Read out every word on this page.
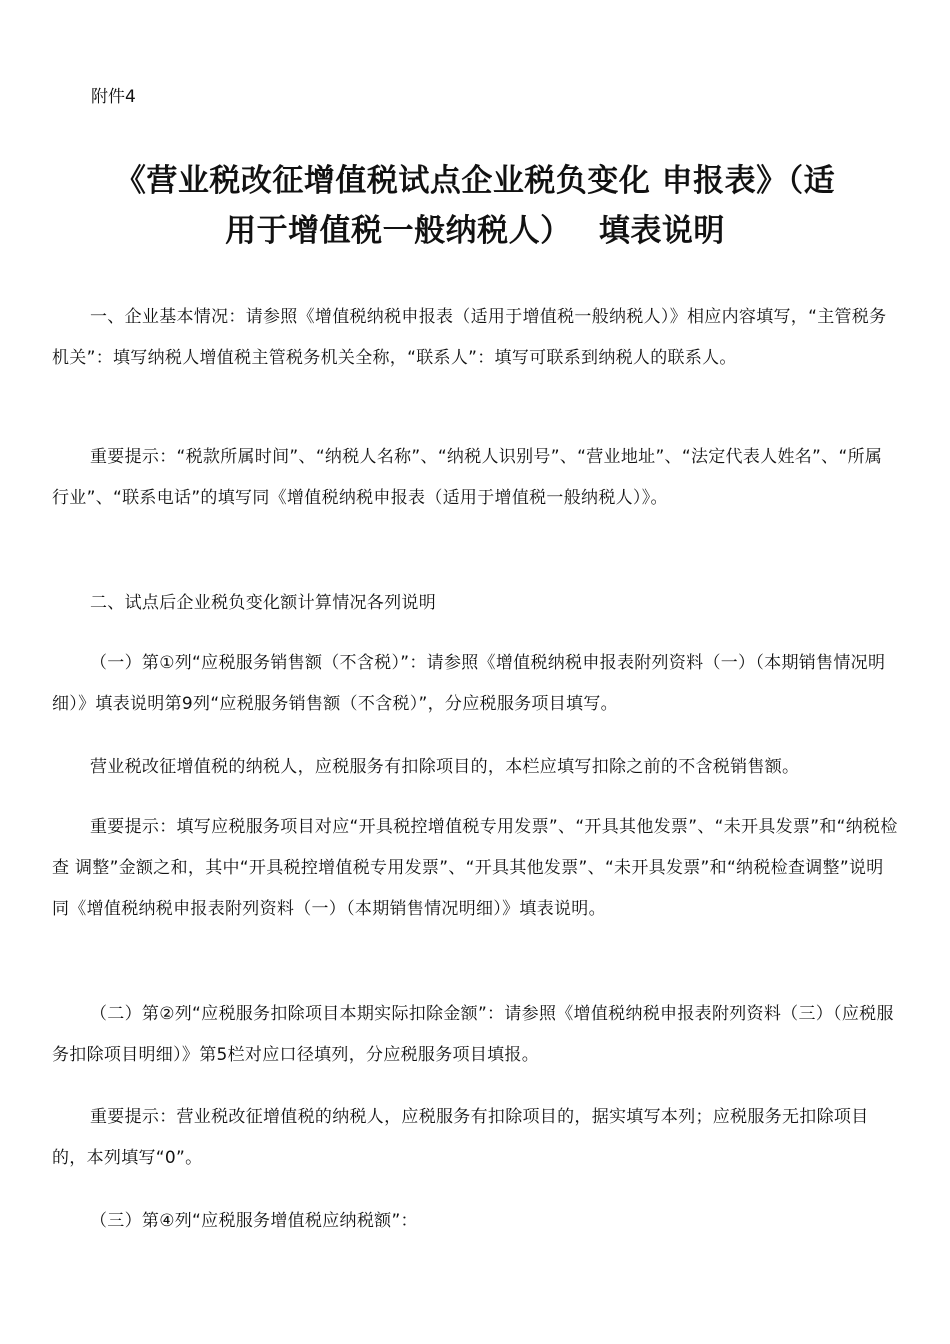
附件4
《营业税改征增值税试点企业税负变化 申报表》（适
用于增值税一般纳税人）　 填表说明

一、企业基本情况：请参照《增值税纳税申报表（适用于增值税一般纳税人）》相应内容填写，“主管税务机关”：填写纳税人增值税主管税务机关全称，“联系人”：填写可联系到纳税人的联系人。

重要提示：“税款所属时间”、“纳税人名称”、“纳税人识别号”、“营业地址”、“法定代表人姓名”、“所属行业”、“联系电话”的填写同《增值税纳税申报表（适用于增值税一般纳税人）》。

二、试点后企业税负变化额计算情况各列说明

（一）第①列“应税服务销售额（不含税）”：请参照《增值税纳税申报表附列资料（一）（本期销售情况明细）》填表说明第9列“应税服务销售额（不含税）”，分应税服务项目填写。

营业税改征增值税的纳税人，应税服务有扣除项目的，本栏应填写扣除之前的不含税销售额。

重要提示：填写应税服务项目对应“开具税控增值税专用发票”、“开具其他发票”、“未开具发票”和“纳税检查 调整”金额之和，其中“开具税控增值税专用发票”、“开具其他发票”、“未开具发票”和“纳税检查调整”说明同《增值税纳税申报表附列资料（一）（本期销售情况明细）》填表说明。

（二）第②列“应税服务扣除项目本期实际扣除金额”：请参照《增值税纳税申报表附列资料（三）（应税服务扣除项目明细）》第5栏对应口径填列，分应税服务项目填报。

重要提示：营业税改征增值税的纳税人，应税服务有扣除项目的，据实填写本列；应税服务无扣除项目的，本列填写“0”。

（三）第④列“应税服务增值税应纳税额”：
